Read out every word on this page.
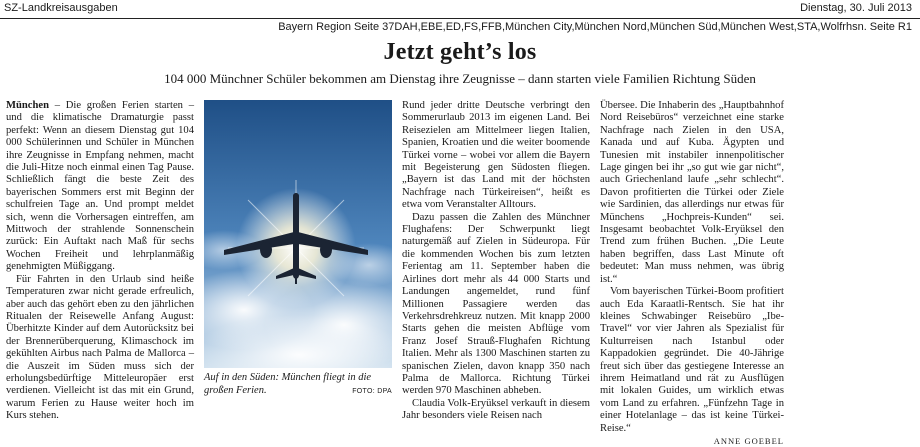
SZ-Landkreisausgaben	Dienstag, 30. Juli 2013
Bayern Region Seite 37DAH,EBE,ED,FS,FFB,München City,München Nord,München Süd,München West,STA,Wolfrhsn. Seite R1
Jetzt geht’s los
104 000 Münchner Schüler bekommen am Dienstag ihre Zeugnisse – dann starten viele Familien Richtung Süden

München – Die großen Ferien starten – und die klimatische Dramaturgie passt perfekt: Wenn an diesem Dienstag gut 104 000 Schülerinnen und Schüler in München ihre Zeugnisse in Empfang nehmen, macht die Juli-Hitze noch einmal einen Tag Pause. Schließlich fängt die beste Zeit des bayerischen Sommers erst mit Beginn der schulfreien Tage an. Und prompt meldet sich, wenn die Vorhersagen eintreffen, am Mittwoch der strahlende Sonnenschein zurück: Ein Auftakt nach Maß für sechs Wochen Freiheit und lehrplanmäßig genehmigten Müßiggang.

Für Fahrten in den Urlaub sind heiße Temperaturen zwar nicht gerade erfreulich, aber auch das gehört eben zu den jährlichen Ritualen der Reisewelle Anfang August: Überhitzte Kinder auf dem Autorücksitz bei der Brennerüberquerung, Klimaschock im gekühlten Airbus nach Palma de Mallorca – die Auszeit im Süden muss sich der erholungsbedürftige Mitteleuropäer erst verdienen. Vielleicht ist das mit ein Grund, warum Ferien zu Hause weiter hoch im Kurs stehen.

Auf in den Süden: München fliegt in die großen Ferien.	FOTO: DPA

Rund jeder dritte Deutsche verbringt den Sommerurlaub 2013 im eigenen Land. Bei Reisezielen am Mittelmeer liegen Italien, Spanien, Kroatien und die weiter boomende Türkei vorne – wobei vor allem die Bayern mit Begeisterung gen Südosten fliegen. „Bayern ist das Land mit der höchsten Nachfrage nach Türkeireisen“, heißt es etwa vom Veranstalter Alltours.

Dazu passen die Zahlen des Münchner Flughafens: Der Schwerpunkt liegt naturgemäß auf Zielen in Südeuropa. Für die kommenden Wochen bis zum letzten Ferientag am 11. September haben die Airlines dort mehr als 44 000 Starts und Landungen angemeldet, rund fünf Millionen Passagiere werden das Verkehrsdrehkreuz nutzen. Mit knapp 2000 Starts gehen die meisten Abflüge vom Franz Josef Strauß-Flughafen Richtung Italien. Mehr als 1300 Maschinen starten zu spanischen Zielen, davon knapp 350 nach Palma de Mallorca. Richtung Türkei werden 970 Maschinen abheben.

Claudia Volk-Eryüksel verkauft in diesem Jahr besonders viele Reisen nach

Übersee. Die Inhaberin des „Hauptbahnhof Nord Reisebüros“ verzeichnet eine starke Nachfrage nach Zielen in den USA, Kanada und auf Kuba. Ägypten und Tunesien mit instabiler innenpolitischer Lage gingen bei ihr „so gut wie gar nicht“, auch Griechenland laufe „sehr schlecht“. Davon profitierten die Türkei oder Ziele wie Sardinien, das allerdings nur etwas für Münchens „Hochpreis-Kunden“ sei. Insgesamt beobachtet Volk-Eryüksel den Trend zum frühen Buchen. „Die Leute haben begriffen, dass Last Minute oft bedeutet: Man muss nehmen, was übrig ist.“

Vom bayerischen Türkei-Boom profitiert auch Eda Karaatli-Rentsch. Sie hat ihr kleines Schwabinger Reisebüro „Ibe-Travel“ vor vier Jahren als Spezialist für Kulturreisen nach Istanbul oder Kappadokien gegründet. Die 40-Jährige freut sich über das gestiegene Interesse an ihrem Heimatland und rät zu Ausflügen mit lokalen Guides, um wirklich etwas vom Land zu erfahren. „Fünfzehn Tage in einer Hotelanlage – das ist keine Türkei-Reise.“

ANNE GOEBEL
